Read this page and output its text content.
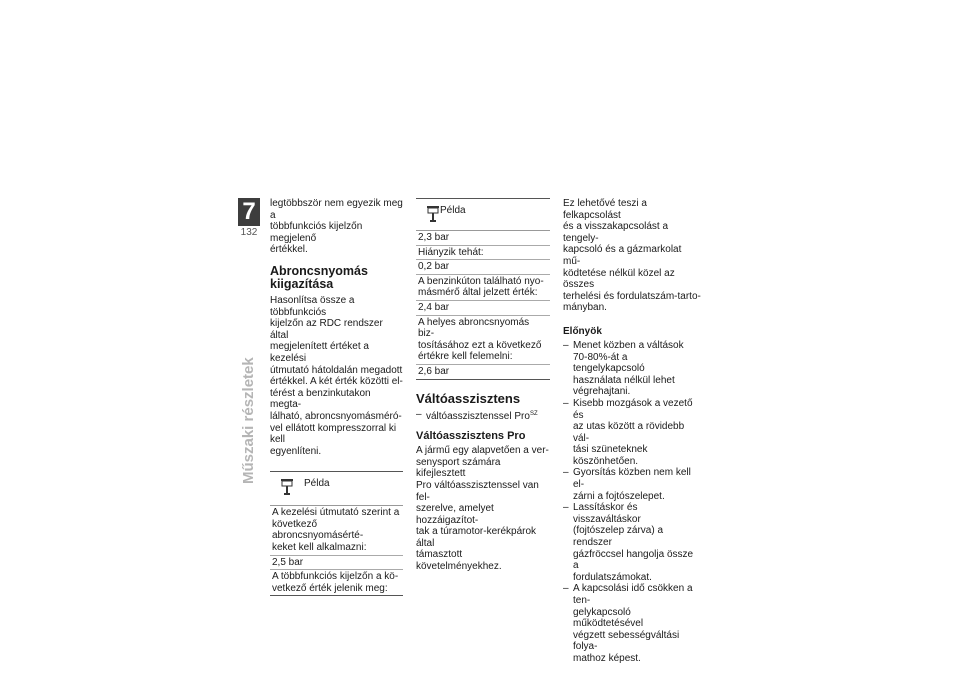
7
132
Műszaki részletek

legtöbbször nem egyezik meg a
többfunkciós kijelzőn megjelenő
értékkel.

Abroncsnyomás
kiigazítása

Hasonlítsa össze a többfunkciós
kijelzőn az RDC rendszer által
megjelenített értéket a kezelési
útmutató hátoldalán megadott
értékkel. A két érték közötti el-
térést a benzinkutakon megta-
lálható, abroncsnyomásméró-
vel ellátott kompresszorral ki kell
egyenlíteni.

Példa
A kezelési útmutató szerint a
következő abroncsnyomásérté-
keket kell alkalmazni:
2,5 bar
A többfunkciós kijelzőn a kö-
vetkező érték jelenik meg:
Példa
2,3 bar
Hiányzik tehát:
0,2 bar
A benzinkúton található nyo-
másmérő által jelzett érték:
2,4 bar
A helyes abroncsnyomás biz-
tosításához ezt a következő
értékre kell felemelni:
2,6 bar
Váltóasszisztens
– váltóasszisztenssel Pro$^{SZ}$
Váltóasszisztens Pro

A jármű egy alapvetően a ver-
senysport számára kifejlesztett
Pro váltóasszisztenssel van fel-
szerelve, amelyet hozzáigazítot-
tak a túramotor-kerékpárok által
támasztott követelményekhez.

Ez lehetővé teszi a felkapcsolást
és a visszakapcsolást a tengely-
kapcsoló és a gázmarkolat mű-
ködtetése nélkül közel az összes
terhelési és fordulatszám-tarto-
mányban.

Előnyök
– Menet közben a váltások
70-80%-át a tengelykapcsoló
használata nélkül lehet
végrehajtani.
– Kisebb mozgások a vezető és
az utas között a rövidebb vál-
tási szüneteknek köszönhetően.
– Gyorsítás közben nem kell el-
zárni a fojtószelepet.
– Lassításkor és visszaváltáskor
(fojtószelep zárva) a rendszer
gázfröccsel hangolja össze a
fordulatszámokat.
– A kapcsolási idő csökken a ten-
gelykapcsoló működtetésével
végzett sebességváltási folya-
mathoz képest.
